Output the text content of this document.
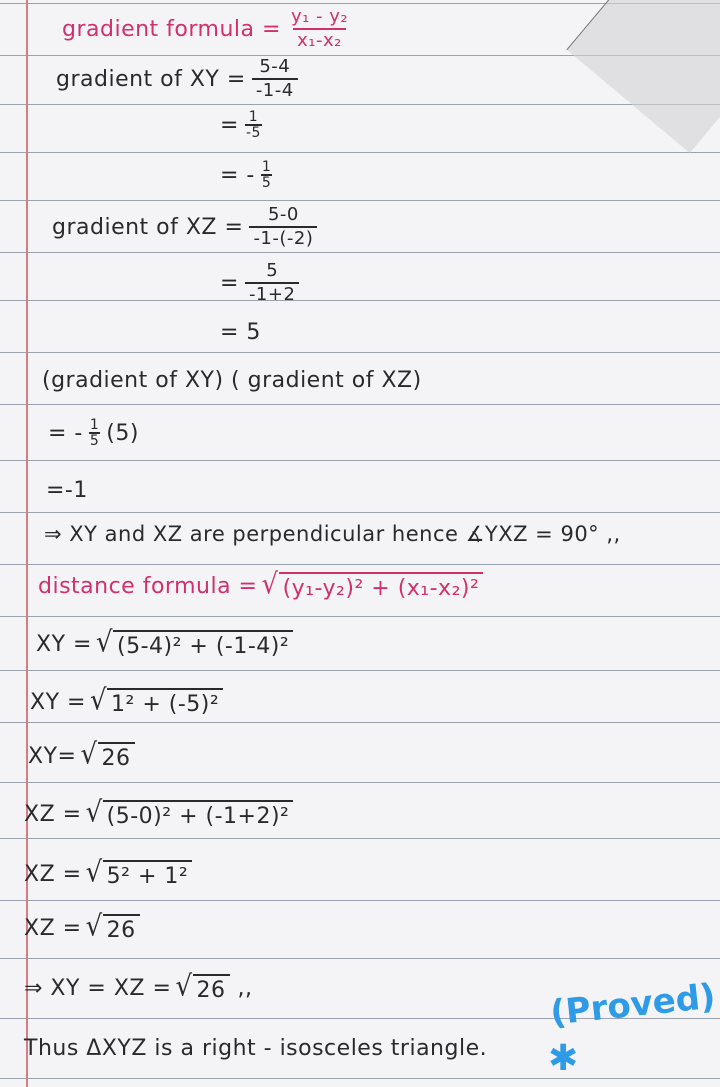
gradient formula = $\frac{\text{y₁ - y₂}}{\text{x₁-x₂}}$
gradient of XY = $\frac{5-4}{-1-4}$
= $\frac{1}{-5}$
= - $\frac{1}{5}$
gradient of XZ = $\frac{5-0}{-1-(-2)}$
= $\frac{5}{-1+2}$
= 5
(gradient of XY) ( gradient of XZ)
= - $\frac{1}{5} (5)$
=-1
⇒ XY and XZ are perpendicular hence ∡YXZ = 90° ,,
distance formula = √ (y₁-y₂)² + (x₁-x₂)²
XY = √ (5-4)² + (-1-4)²
XY = √ 1² + (-5)²
XY= √ 26
XZ = √ (5-0)² + (-1+2)²
XZ = √ 5² + 1²
XZ = √ 26
⇒ XY = XZ = √ 26 ,,
Thus ΔXYZ is a right - isosceles triangle.
(Proved)
✱
